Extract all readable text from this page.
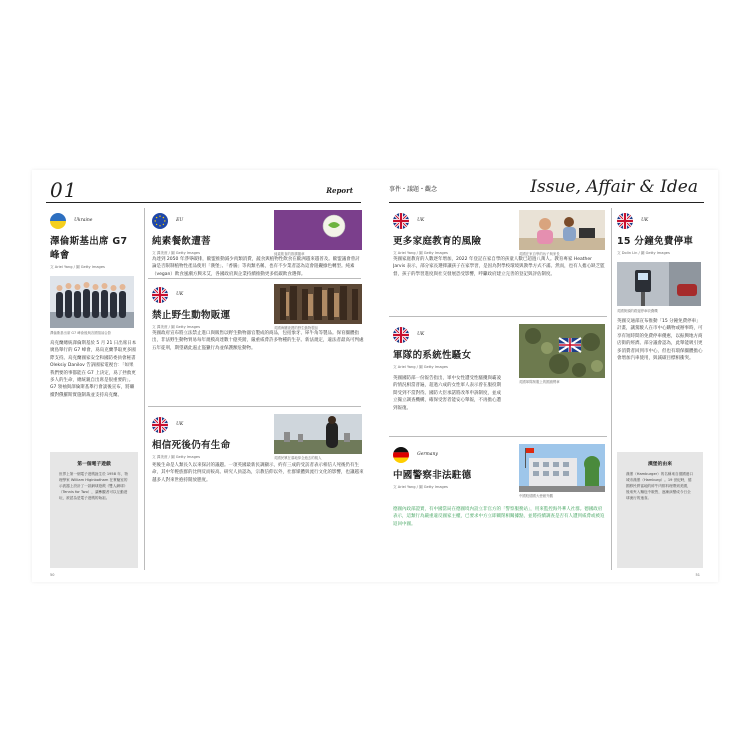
01	Report
Ukraine
澤倫斯基出席 G7 峰會
文 Ariel Yang / 圖 Getty Images
澤倫斯基出席 G7 峰會後與各國領袖合影
烏克蘭總統澤倫斯基於 5 月 21 日出席日本廣島舉行的 G7 峰會，爲烏克蘭爭取更多國際支持。烏克蘭國家安全和國防委員會秘書 Oleksiy Danilov 告訴國家電視台：「如果我們要的事都能在 G7 上決定，爲了拯救更多人的生命，總統親自出席是很重要的」。G7 領袖與澤倫斯基舉行會談後宣布，將繼續對俄羅斯實施制裁並支持烏克蘭。
第一個電子遊戲
世界上第一個電子遊戲誕生於 1958 年，物理學家 William Higinbotham 在實驗室的示波器上設計了一款網球遊戲《雙人網球》（Tennis for Two），讓參觀者可以互動遊玩，被認為是電子遊戲的始祖。
EU
純素餐飲遭菩
文 譚美萱 / 圖 Getty Images
為達到 2050 年淨零碳排，歐盟推動減少肉類消費，蔬食與植物性飲食在歐洲越來越普及。歐盟議會曾討論是否限制植物性產品使用「漢堡」、「香腸」等肉類名稱，也有不少業者認為這會阻礙綠色轉型。純素（vegan）飲食風潮方興未艾，各國政府與企業持續推動更多低碳飲食選擇。
純素飲食的推廣徽章
UK
禁止野生動物販運
文 譚美萱 / 圖 Getty Images
英國政府宣布將立法禁止進口與販售以野生動物器官製成的商品，包括象牙、犀牛角等製品。保育團體指出，非法野生動物貿易每年規模高達數十億英鎊，嚴重威脅許多物種的生存。新法規定，違法者最高可判處五年徒刑，期望藉此遏止盜獵行為並保護瀕危動物。
英國海關查獲的野生動物製品
UK
相信死後仍有生命
文 譚美萱 / 圖 Getty Images
死後生命是人類長久以來探討的議題。一項英國最新民調顯示，約有三成的受訪者表示相信人死後仍有生命，其中年輕族群的比例反而較高。研究人員認為，宗教信仰以外，社群媒體與流行文化的影響，也讓越來越多人對來世抱持開放態度。
英國民眾在墓地悼念逝去的親人
50
事件・議題・觀念	Issue, Affair & Idea
UK
更多家庭教育的風險
文 Ariel Yang / 圖 Getty Images
英國家庭教育的人數逐年增加，2022 年登記在家自學的孩童人數已超過八萬人。教育專家 Heather Jarvis 表示，部分家長選擇讓孩子在家學習，是因為對學校環境與教學方式不滿。然而，也有人擔心缺乏監督，孩子的學習進度與社交發展恐受影響，呼籲政府建立完善的登記與評估制度。
英國在家自學的孩子與家長
UK
軍隊的系統性騷女
文 Ariel Yang / 圖 Getty Images
英國國防部一份報告指出，軍中女性遭受性騷擾與霸凌的情況相當普遍，超過六成的女性軍人表示曾在服役期間受到不當對待。國防大臣承諾將改革申訴制度，並成立獨立調查機構，確保受害者能安心舉報，不再擔心遭到報復。
英國軍隊制服上的國旗臂章
Germany
中國警察非法駐德
文 Ariel Yang / 圖 Getty Images
德國內政部證實，有中國當局在德國境內設立非官方的「警察服務站」，用來監控海外華人社群。德國政府表示，這類行為嚴重違反國家主權，已要求中方立即關閉相關據點，並將持續調查是否有人遭到威脅或被迫返回中國。
中國駐德國大使館外觀
UK
15 分鐘免費停車
文 Dolin Lin / 圖 Getty Images
英國街頭的路邊停車收費機
英國交通部宣布推動「15 分鐘免費停車」計畫，讓駕駛人在市中心購物或辦事時，可享有短時間的免費停車優惠，以振興地方商店街的經濟。部分議會認為，此舉能吸引更多消費者回到市中心，但也有環保團體擔心會增加汽車使用，與減碳目標相衝突。
漢堡的由來
漢堡（Hamburger）的名稱來自德國港口城市漢堡（Hamburg）。19 世紀時，德國移民將當地的碎牛肉排料理帶到美國，後來夾入麵包中販售，逐漸演變成今日全球流行的速食。
51
